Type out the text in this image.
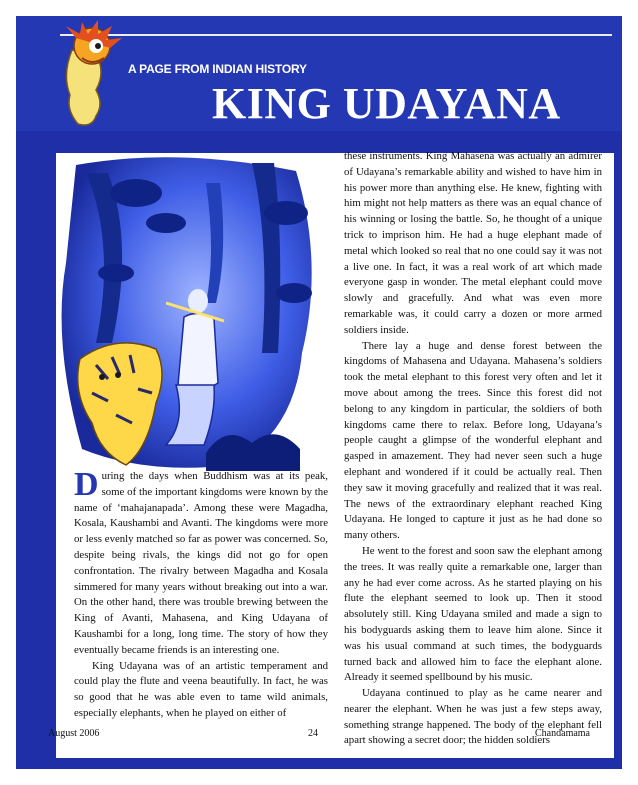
A PAGE FROM INDIAN HISTORY
KING UDAYANA

During the days when Buddhism was at its peak, some of the important kingdoms were known by the name of ‘mahajanapada’. Among these were Magadha, Kosala, Kaushambi and Avanti. The kingdoms were more or less evenly matched so far as power was concerned. So, despite being rivals, the kings did not go for open confrontation. The rivalry between Magadha and Kosala simmered for many years without breaking out into a war. On the other hand, there was trouble brewing between the King of Avanti, Mahasena, and King Udayana of Kaushambi for a long, long time. The story of how they eventually became friends is an interesting one.

King Udayana was of an artistic temperament and could play the flute and veena beautifully. In fact, he was so good that he was able even to tame wild animals, especially elephants, when he played on either of

these instruments. King Mahasena was actually an admirer of Udayana’s remarkable ability and wished to have him in his power more than anything else. He knew, fighting with him might not help matters as there was an equal chance of his winning or losing the battle. So, he thought of a unique trick to imprison him. He had a huge elephant made of metal which looked so real that no one could say it was not a live one. In fact, it was a real work of art which made everyone gasp in wonder. The metal elephant could move slowly and gracefully. And what was even more remarkable was, it could carry a dozen or more armed soldiers inside.

There lay a huge and dense forest between the kingdoms of Mahasena and Udayana. Mahasena’s soldiers took the metal elephant to this forest very often and let it move about among the trees. Since this forest did not belong to any kingdom in particular, the soldiers of both kingdoms came there to relax. Before long, Udayana’s people caught a glimpse of the wonderful elephant and gasped in amazement. They had never seen such a huge elephant and wondered if it could be actually real. Then they saw it moving gracefully and realized that it was real. The news of the extraordinary elephant reached King Udayana. He longed to capture it just as he had done so many others.

He went to the forest and soon saw the elephant among the trees. It was really quite a remarkable one, larger than any he had ever come across. As he started playing on his flute the elephant seemed to look up. Then it stood absolutely still. King Udayana smiled and made a sign to his bodyguards asking them to leave him alone. Since it was his usual command at such times, the bodyguards turned back and allowed him to face the elephant alone. Already it seemed spellbound by his music.

Udayana continued to play as he came nearer and nearer the elephant. When he was just a few steps away, something strange happened. The body of the elephant fell apart showing a secret door; the hidden soldiers

August 2006	24	Chandamama
